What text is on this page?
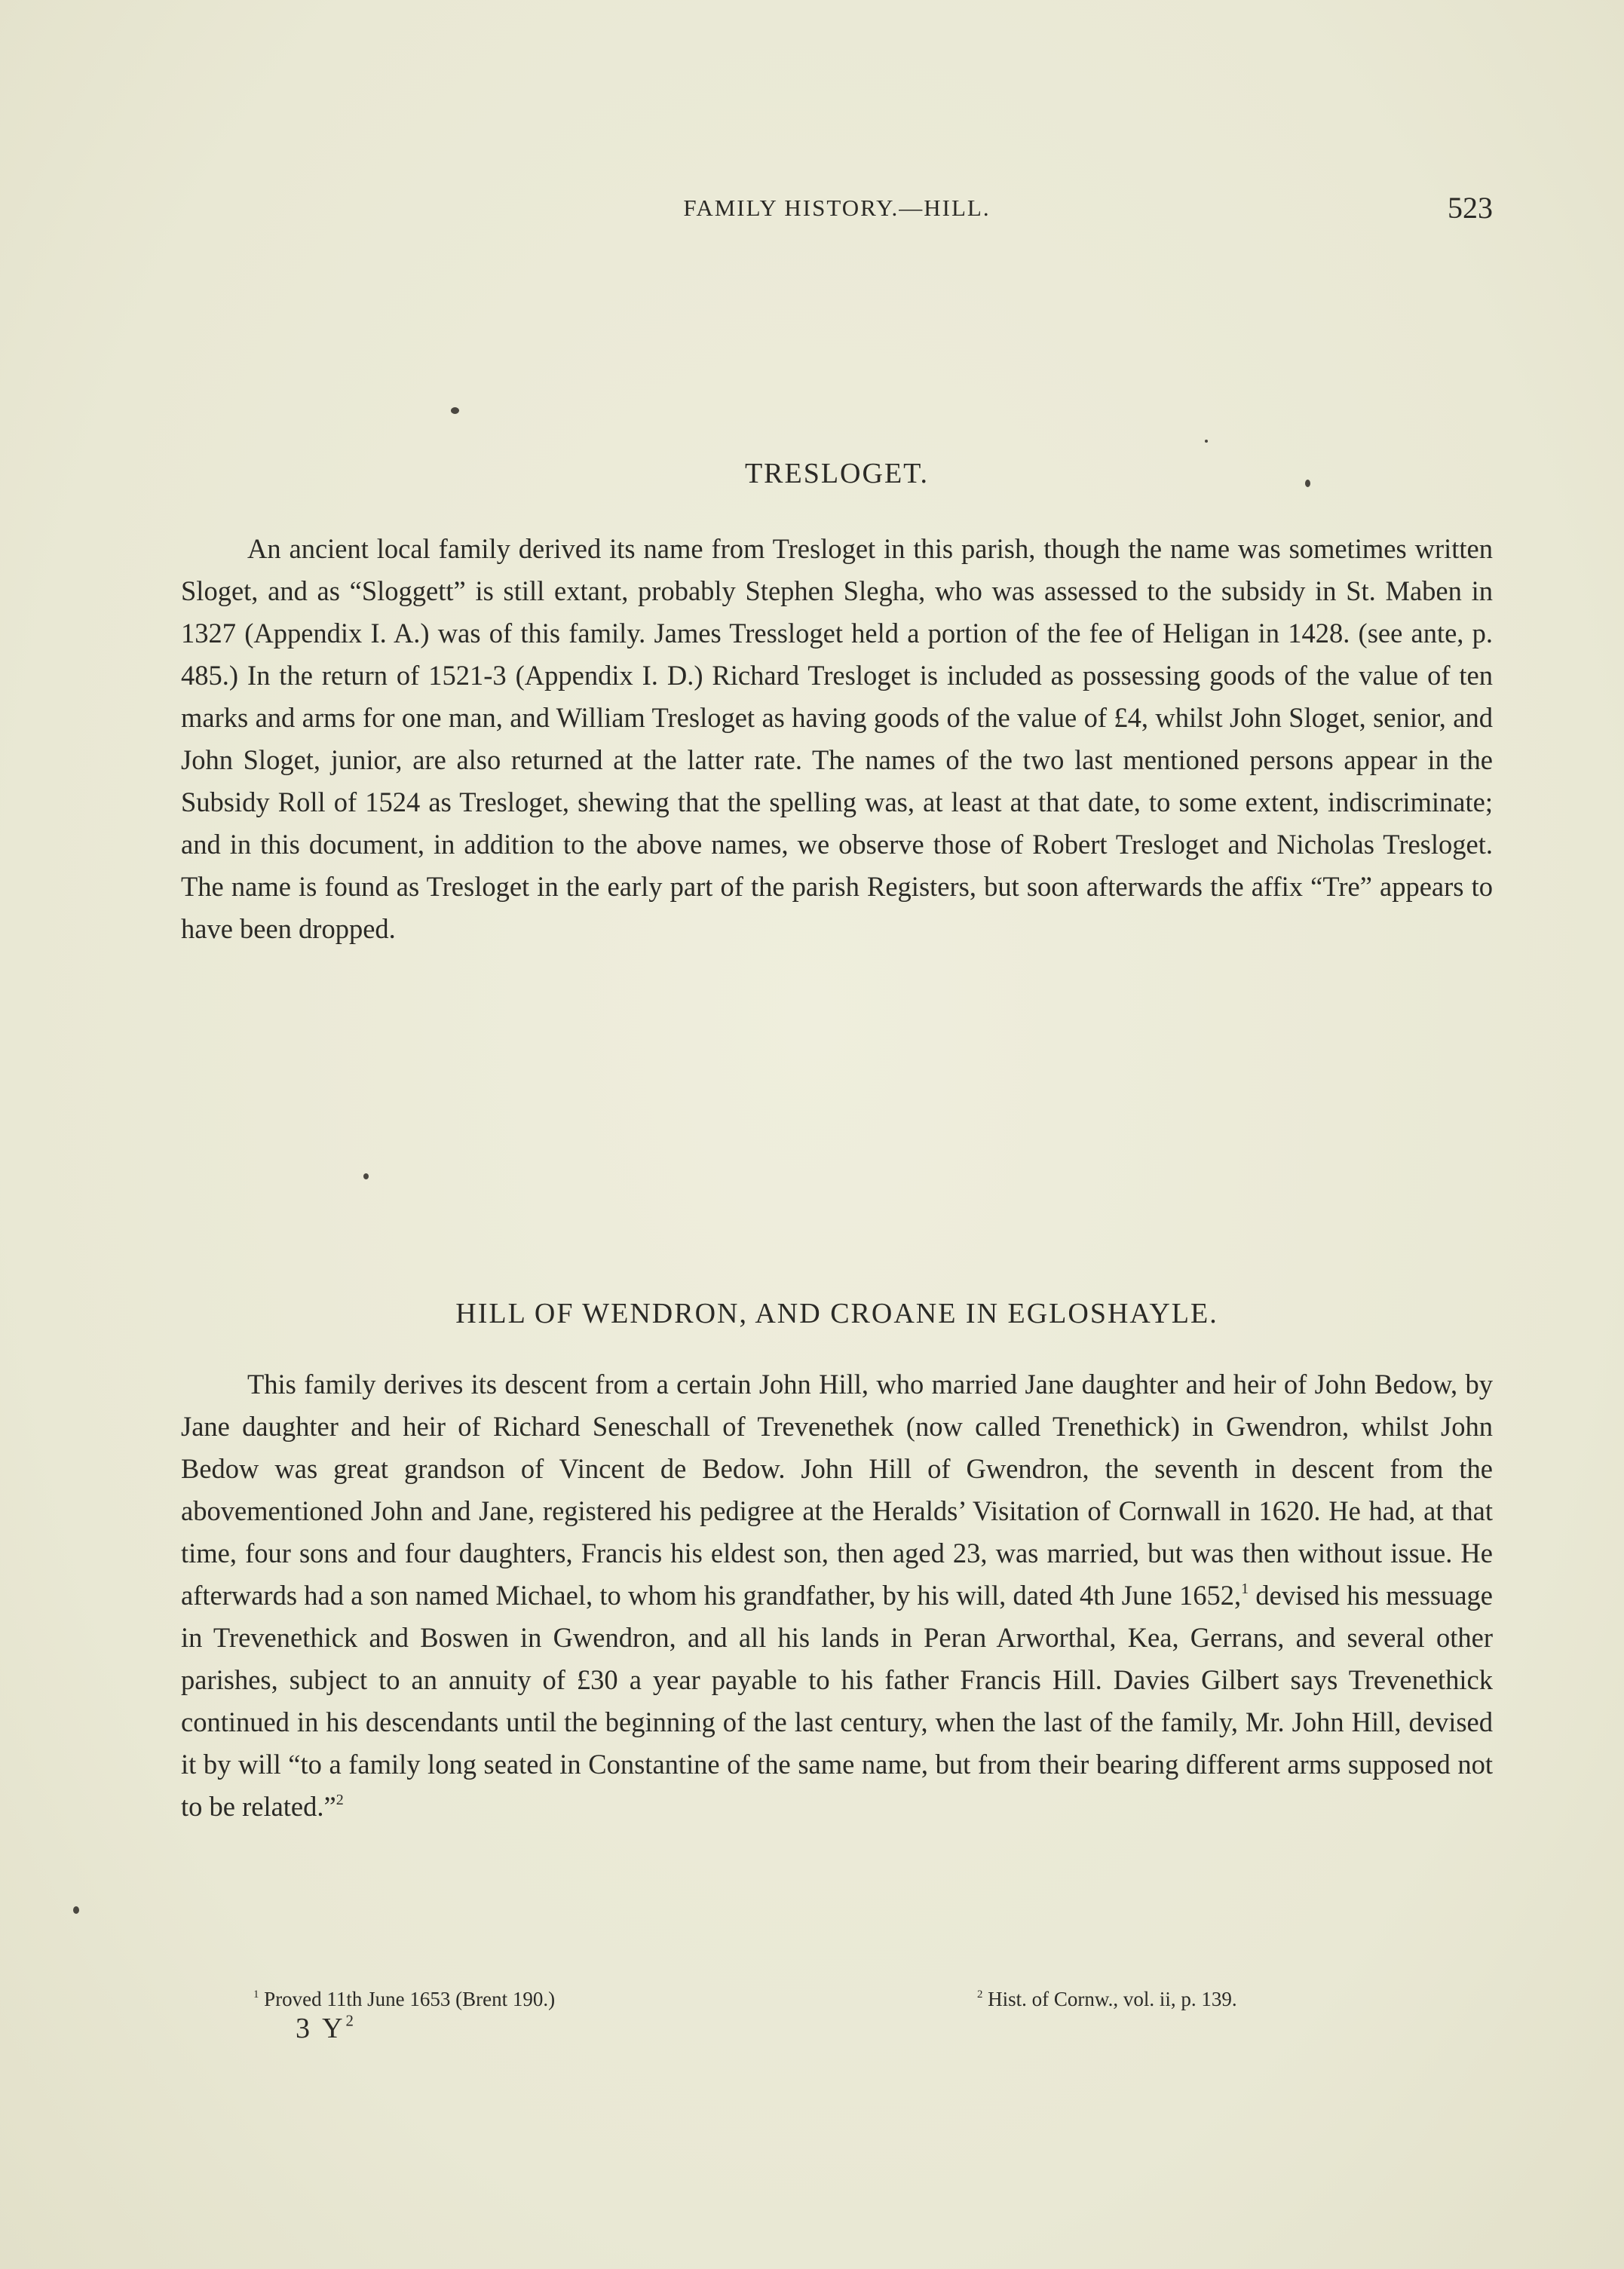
FAMILY HISTORY.—HILL.	523
TRESLOGET.

An ancient local family derived its name from Tresloget in this parish, though the name was sometimes written Sloget, and as “Sloggett” is still extant, probably Stephen Slegha, who was assessed to the subsidy in St. Maben in 1327 (Appendix I. A.) was of this family. James Tressloget held a portion of the fee of Heligan in 1428. (see ante, p. 485.) In the return of 1521-3 (Appendix I. D.) Richard Tresloget is included as possessing goods of the value of ten marks and arms for one man, and William Tresloget as having goods of the value of £4, whilst John Sloget, senior, and John Sloget, junior, are also returned at the latter rate. The names of the two last mentioned persons appear in the Subsidy Roll of 1524 as Tresloget, shewing that the spelling was, at least at that date, to some extent, indiscriminate; and in this document, in addition to the above names, we observe those of Robert Tresloget and Nicholas Tresloget. The name is found as Tresloget in the early part of the parish Registers, but soon afterwards the affix “Tre” appears to have been dropped.

HILL OF WENDRON, AND CROANE IN EGLOSHAYLE.

This family derives its descent from a certain John Hill, who married Jane daughter and heir of John Bedow, by Jane daughter and heir of Richard Seneschall of Trevenethek (now called Trenethick) in Gwendron, whilst John Bedow was great grandson of Vincent de Bedow. John Hill of Gwendron, the seventh in descent from the abovementioned John and Jane, registered his pedigree at the Heralds’ Visitation of Cornwall in 1620. He had, at that time, four sons and four daughters, Francis his eldest son, then aged 23, was married, but was then without issue. He afterwards had a son named Michael, to whom his grandfather, by his will, dated 4th June 1652,$^1$ devised his messuage in Trevenethick and Boswen in Gwendron, and all his lands in Peran Arworthal, Kea, Gerrans, and several other parishes, subject to an annuity of £30 a year payable to his father Francis Hill. Davies Gilbert says Trevenethick continued in his descendants until the beginning of the last century, when the last of the family, Mr. John Hill, devised it by will “to a family long seated in Constantine of the same name, but from their bearing different arms supposed not to be related.”$^2$

$^1$ Proved 11th June 1653 (Brent 190.)	$^2$ Hist. of Cornw., vol. ii, p. 139.
3 $Y^2$
